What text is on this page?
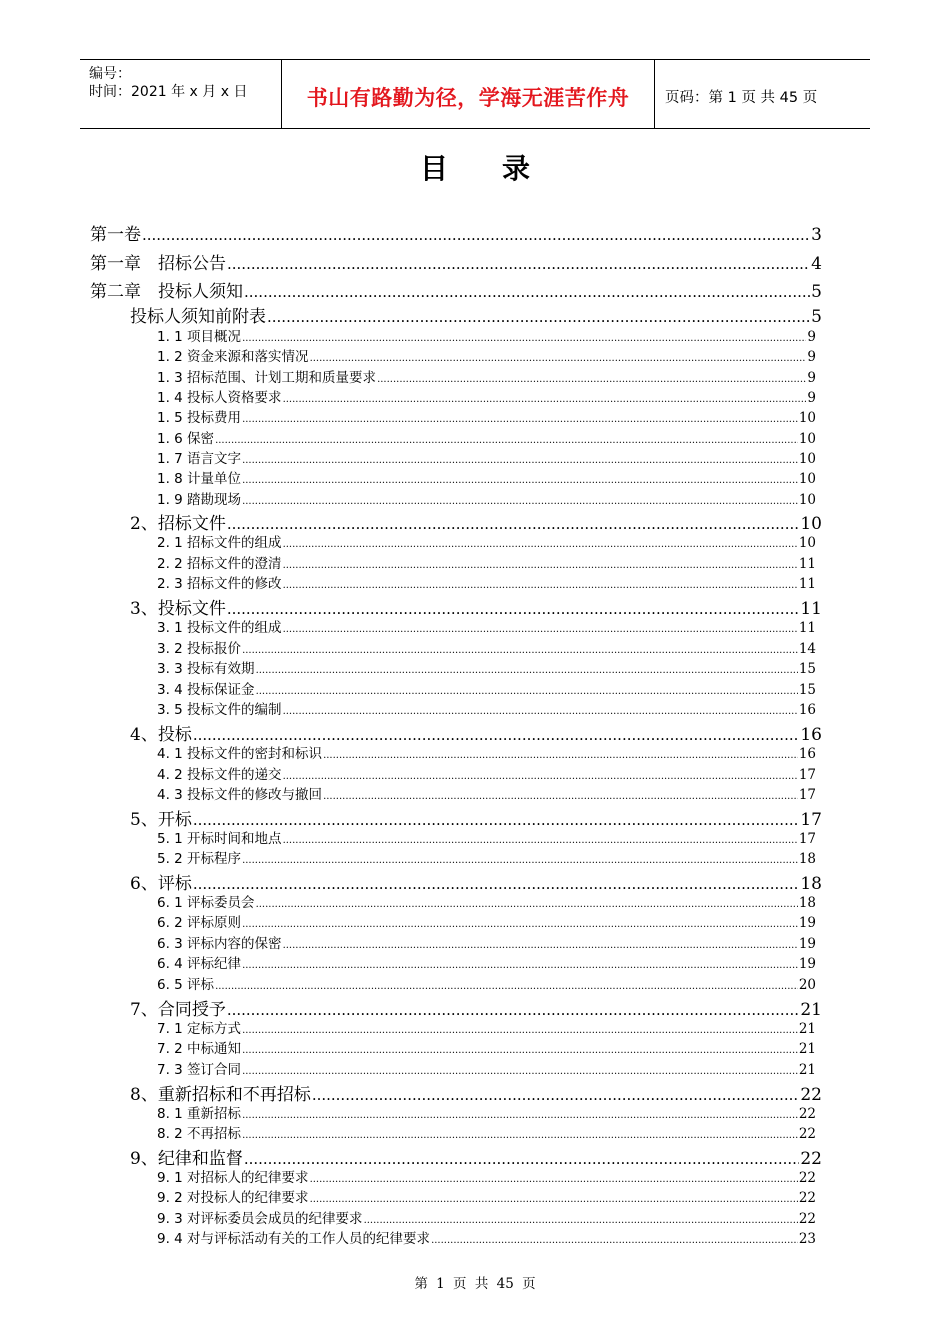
编号：
时间：2021 年 x 月 x 日	书山有路勤为径，学海无涯苦作舟	页码：第 1 页 共 45 页
目录
第一卷 .....	3
第一章　招标公告 .....	4
第二章　投标人须知 .....	5
投标人须知前附表 .....	5
1. 1 项目概况 .....	9
1. 2 资金来源和落实情况 .....	9
1. 3 招标范围、计划工期和质量要求 .....	9
1. 4 投标人资格要求 .....	9
1. 5 投标费用 .....	10
1. 6 保密 .....	10
1. 7 语言文字 .....	10
1. 8 计量单位 .....	10
1. 9 踏勘现场 .....	10
2、招标文件 .....	10
2. 1 招标文件的组成 .....	10
2. 2 招标文件的澄清 .....	11
2. 3 招标文件的修改 .....	11
3、投标文件 .....	11
3. 1 投标文件的组成 .....	11
3. 2 投标报价 .....	14
3. 3 投标有效期 .....	15
3. 4 投标保证金 .....	15
3. 5 投标文件的编制 .....	16
4、投标 .....	16
4. 1 投标文件的密封和标识 .....	16
4. 2 投标文件的递交 .....	17
4. 3 投标文件的修改与撤回 .....	17
5、开标 .....	17
5. 1 开标时间和地点 .....	17
5. 2 开标程序 .....	18
6、评标 .....	18
6. 1 评标委员会 .....	18
6. 2 评标原则 .....	19
6. 3 评标内容的保密 .....	19
6. 4 评标纪律 .....	19
6. 5 评标 .....	20
7、合同授予 .....	21
7. 1 定标方式 .....	21
7. 2 中标通知 .....	21
7. 3 签订合同 .....	21
8、重新招标和不再招标 .....	22
8. 1 重新招标 .....	22
8. 2 不再招标 .....	22
9、纪律和监督 .....	22
9. 1 对招标人的纪律要求 .....	22
9. 2 对投标人的纪律要求 .....	22
9. 3 对评标委员会成员的纪律要求 .....	22
9. 4 对与评标活动有关的工作人员的纪律要求 .....	23
第 1 页 共 45 页
